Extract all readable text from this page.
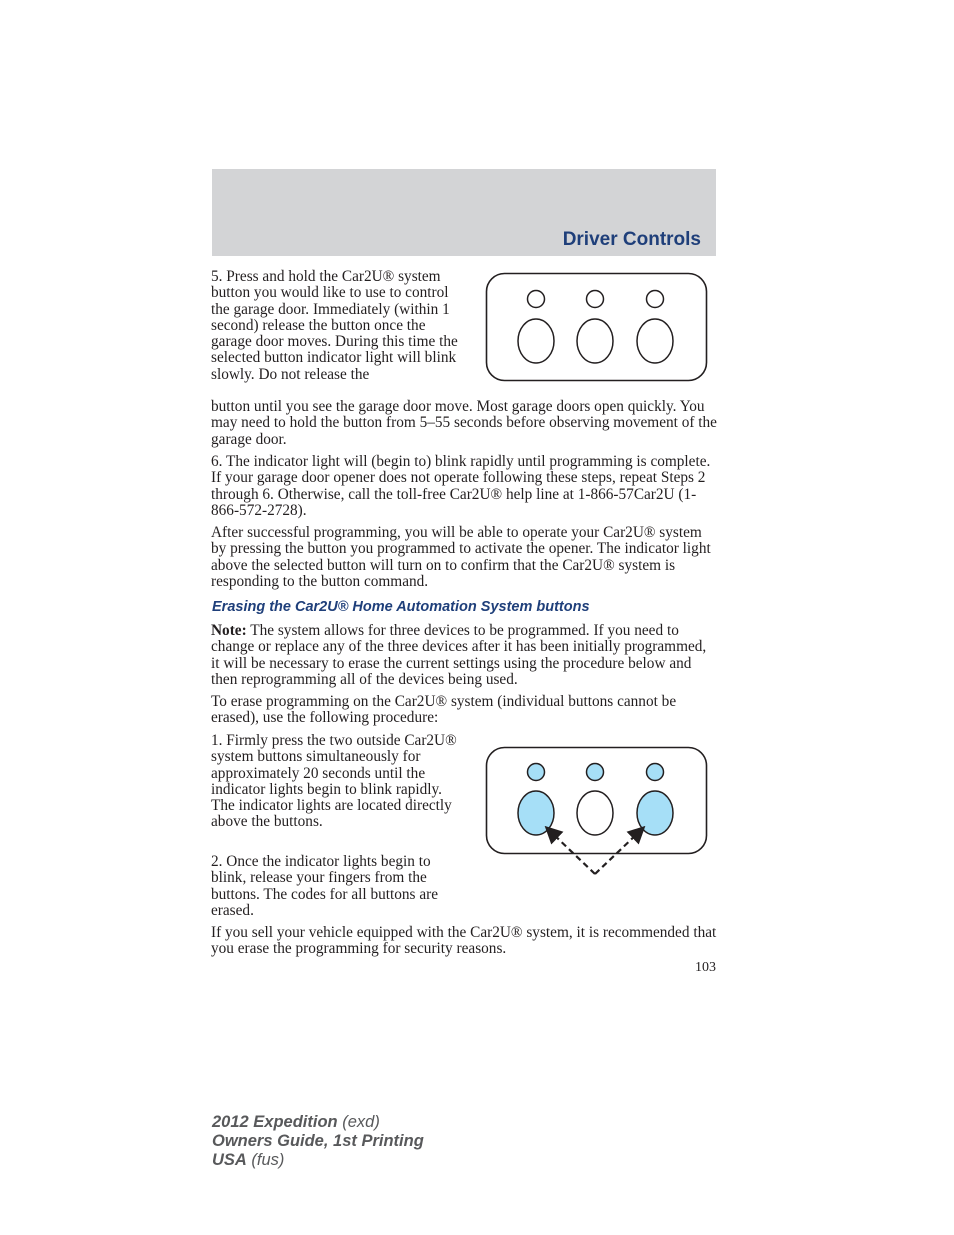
Driver Controls

5. Press and hold the Car2U® system button you would like to use to control the garage door. Immediately (within 1 second) release the button once the garage door moves. During this time the selected button indicator light will blink slowly. Do not release the

button until you see the garage door move. Most garage doors open quickly. You may need to hold the button from 5–55 seconds before observing movement of the garage door.

6. The indicator light will (begin to) blink rapidly until programming is complete. If your garage door opener does not operate following these steps, repeat Steps 2 through 6. Otherwise, call the toll-free Car2U® help line at 1-866-57Car2U (1-866-572-2728).

After successful programming, you will be able to operate your Car2U® system by pressing the button you programmed to activate the opener. The indicator light above the selected button will turn on to confirm that the Car2U® system is responding to the button command.

Erasing the Car2U® Home Automation System buttons

Note: The system allows for three devices to be programmed. If you need to change or replace any of the three devices after it has been initially programmed, it will be necessary to erase the current settings using the procedure below and then reprogramming all of the devices being used.

To erase programming on the Car2U® system (individual buttons cannot be erased), use the following procedure:

1. Firmly press the two outside Car2U® system buttons simultaneously for approximately 20 seconds until the indicator lights begin to blink rapidly. The indicator lights are located directly above the buttons.

2. Once the indicator lights begin to blink, release your fingers from the buttons. The codes for all buttons are erased.

If you sell your vehicle equipped with the Car2U® system, it is recommended that you erase the programming for security reasons.

103
2012 Expedition (exd)
Owners Guide, 1st Printing
USA (fus)
